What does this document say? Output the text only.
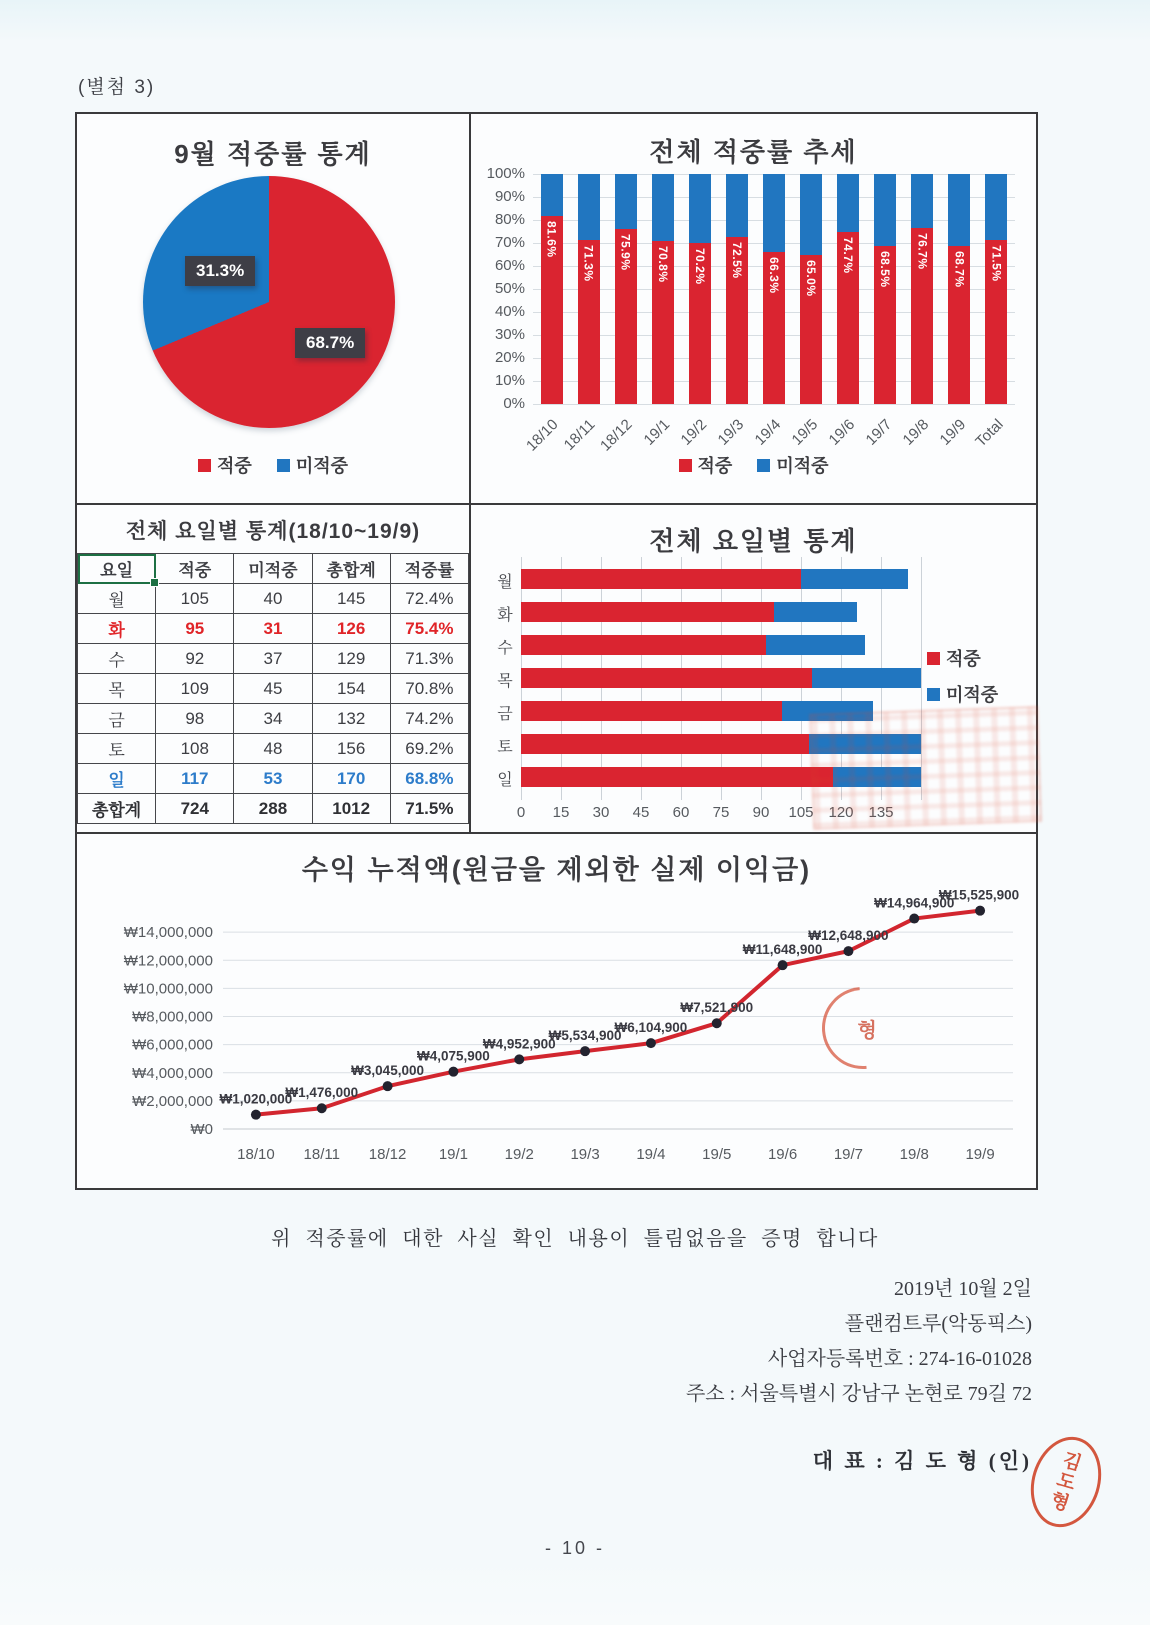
(별첨 3)
9월 적중률 통계
31.3%
68.7%
적중
미적중
전체 적중률 추세
81.6%
71.3% 75.9% 70.8% 70.2% 72.5% 66.3% 65.0%
74.7% 68.5%
76.7%
68.7% 71.5%
100%
90%
80%
70%
60%
50%
40%
30%
20%
10%
0%
18/10 18/11
18/12 19/1 19/2 19/3 19/4 19/5 19/6 19/7 19/8 19/9 Total
적중
미적중
전체 요일별 통계(18/10~19/9)
요일	적중	미적중	총합계	적중률
월	105	40	145	72.4%
화	95	31	126	75.4%
수	92	37	129	71.3%
목	109	45	154	70.8%
금	98	34	132	74.2%
토	108	48	156	69.2%
일	117	53	170	68.8%
총합계	724	288	1012	71.5%
전체 요일별 통계
월
화
수
목
금
토
일
0 15 30 45 60 75 90 105 120 135
적중
미적중
수익 누적액(원금을 제외한 실제 이익금)
₩14,000,000
₩12,000,000
₩10,000,000
₩8,000,000
₩6,000,000
₩4,000,000
₩2,000,000
₩0
18/10 18/11 18/12 19/1 19/2 19/3 19/4 19/5 19/6 19/7 19/8 19/9
₩1,020,000
₩1,476,000
₩3,045,000
₩4,075,900
₩4,952,900
₩5,534,900
₩6,104,900
₩7,521,900
₩11,648,900
₩12,648,900
₩14,964,900
₩15,525,900
형

위 적중률에 대한 사실 확인 내용이 틀림없음을 증명 합니다

2019년 10월 2일
플랜컴트루(악동픽스)
사업자등록번호 : 274-16-01028
주소 : 서울특별시 강남구 논현로 79길 72
대 표 : 김 도 형 (인) 김
도
형
- 10 -
